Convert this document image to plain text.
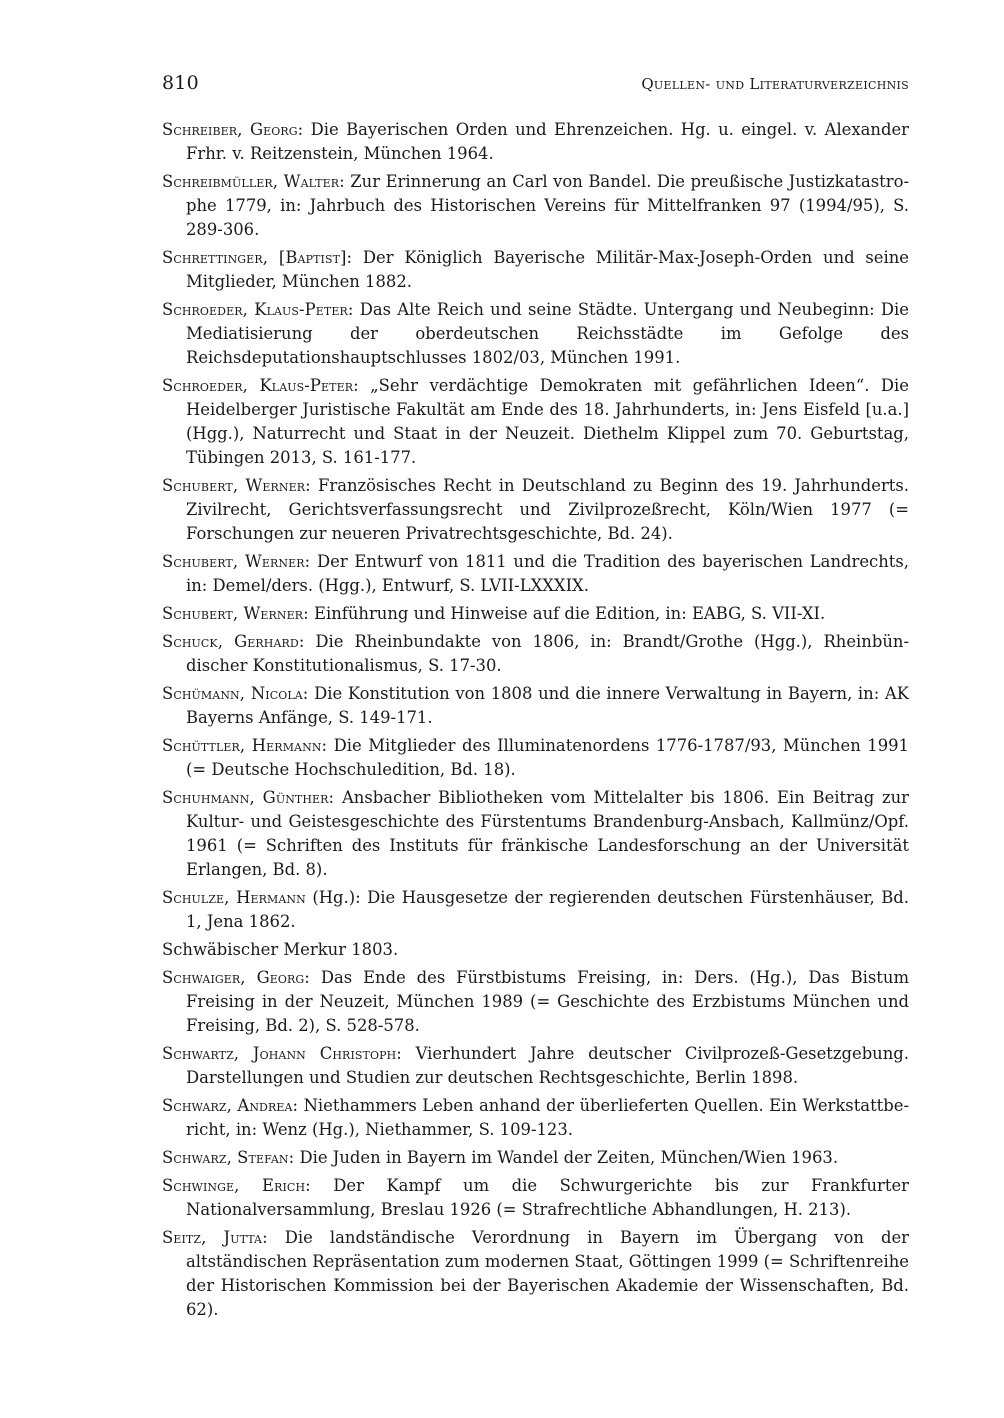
810	Quellen- und Literaturverzeichnis
Schreiber, Georg: Die Bayerischen Orden und Ehrenzeichen. Hg. u. eingel. v. Alexander Frhr. v. Reitzenstein, München 1964.
Schreibmüller, Walter: Zur Erinnerung an Carl von Bandel. Die preußische Justizkatastrophe 1779, in: Jahrbuch des Historischen Vereins für Mittelfranken 97 (1994/95), S. 289-306.
Schrettinger, [Baptist]: Der Königlich Bayerische Militär-Max-Joseph-Orden und seine Mitglieder, München 1882.
Schroeder, Klaus-Peter: Das Alte Reich und seine Städte. Untergang und Neubeginn: Die Mediatisierung der oberdeutschen Reichsstädte im Gefolge des Reichsdeputationshauptschlusses 1802/03, München 1991.
Schroeder, Klaus-Peter: „Sehr verdächtige Demokraten mit gefährlichen Ideen“. Die Heidelberger Juristische Fakultät am Ende des 18. Jahrhunderts, in: Jens Eisfeld [u.a.] (Hgg.), Naturrecht und Staat in der Neuzeit. Diethelm Klippel zum 70. Geburtstag, Tübingen 2013, S. 161-177.
Schubert, Werner: Französisches Recht in Deutschland zu Beginn des 19. Jahrhunderts. Zivilrecht, Gerichtsverfassungsrecht und Zivilprozeßrecht, Köln/Wien 1977 (= Forschungen zur neueren Privatrechtsgeschichte, Bd. 24).
Schubert, Werner: Der Entwurf von 1811 und die Tradition des bayerischen Landrechts, in: Demel/ders. (Hgg.), Entwurf, S. LVII-LXXXIX.
Schubert, Werner: Einführung und Hinweise auf die Edition, in: EABG, S. VII-XI.
Schuck, Gerhard: Die Rheinbundakte von 1806, in: Brandt/Grothe (Hgg.), Rheinbündischer Konstitutionalismus, S. 17-30.
Schümann, Nicola: Die Konstitution von 1808 und die innere Verwaltung in Bayern, in: AK Bayerns Anfänge, S. 149-171.
Schüttler, Hermann: Die Mitglieder des Illuminatenordens 1776-1787/93, München 1991 (= Deutsche Hochschuledition, Bd. 18).
Schuhmann, Günther: Ansbacher Bibliotheken vom Mittelalter bis 1806. Ein Beitrag zur Kultur- und Geistesgeschichte des Fürstentums Brandenburg-Ansbach, Kallmünz/Opf. 1961 (= Schriften des Instituts für fränkische Landesforschung an der Universität Erlangen, Bd. 8).
Schulze, Hermann (Hg.): Die Hausgesetze der regierenden deutschen Fürstenhäuser, Bd. 1, Jena 1862.
Schwäbischer Merkur 1803.
Schwaiger, Georg: Das Ende des Fürstbistums Freising, in: Ders. (Hg.), Das Bistum Freising in der Neuzeit, München 1989 (= Geschichte des Erzbistums München und Freising, Bd. 2), S. 528-578.
Schwartz, Johann Christoph: Vierhundert Jahre deutscher Civilprozeß-Gesetzgebung. Darstellungen und Studien zur deutschen Rechtsgeschichte, Berlin 1898.
Schwarz, Andrea: Niethammers Leben anhand der überlieferten Quellen. Ein Werkstattbericht, in: Wenz (Hg.), Niethammer, S. 109-123.
Schwarz, Stefan: Die Juden in Bayern im Wandel der Zeiten, München/Wien 1963.
Schwinge, Erich: Der Kampf um die Schwurgerichte bis zur Frankfurter Nationalversammlung, Breslau 1926 (= Strafrechtliche Abhandlungen, H. 213).
Seitz, Jutta: Die landständische Verordnung in Bayern im Übergang von der altständischen Repräsentation zum modernen Staat, Göttingen 1999 (= Schriftenreihe der Historischen Kommission bei der Bayerischen Akademie der Wissenschaften, Bd. 62).
